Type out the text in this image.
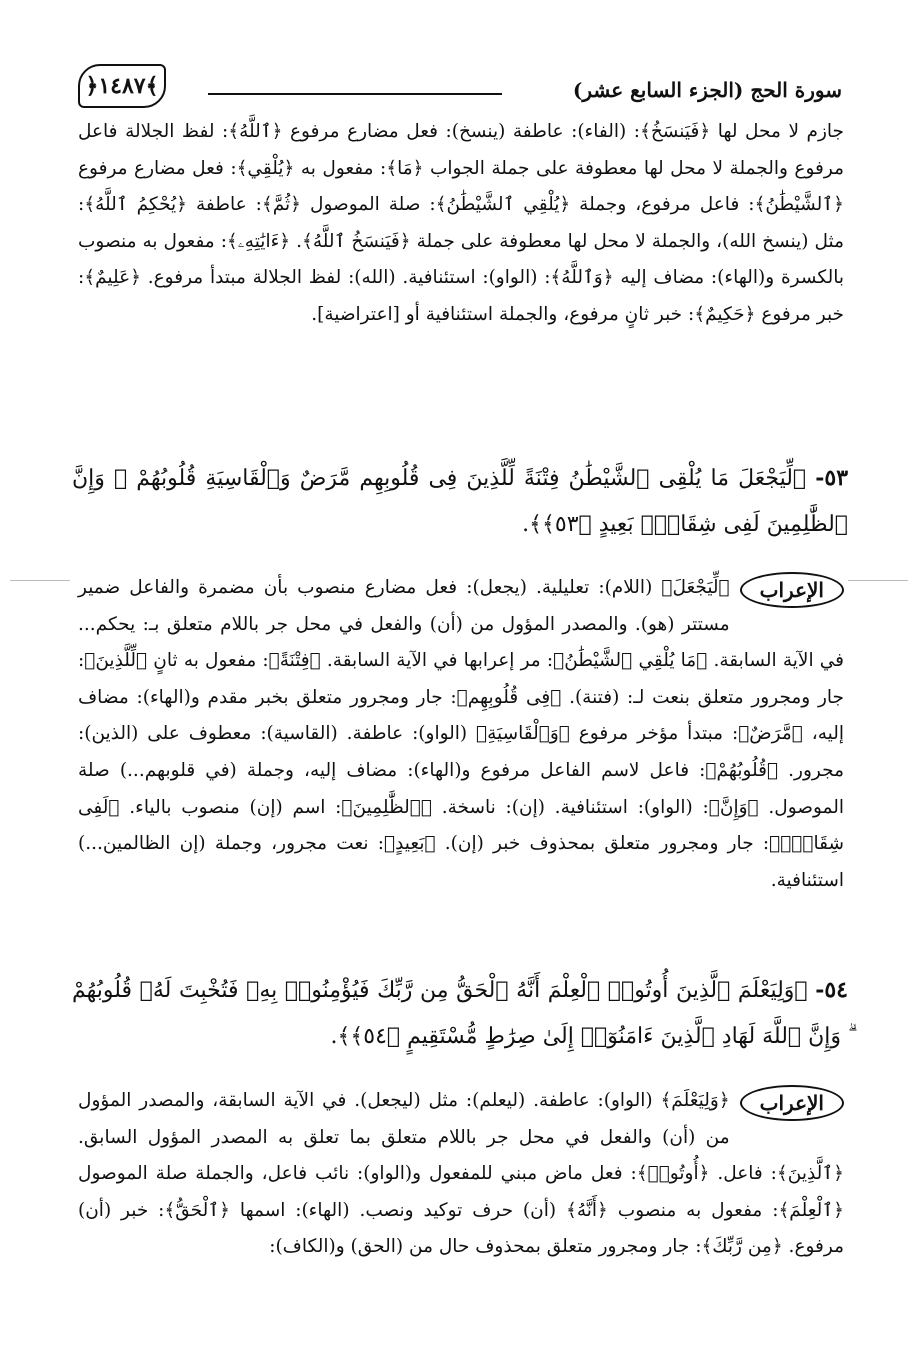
سورة الحج (الجزء السابع عشر)
﴿١٤٨٧﴾
جازم لا محل لها ﴿فَيَنسَخُ﴾: (الفاء): عاطفة (ينسخ): فعل مضارع مرفوع ﴿ٱللَّهُ﴾: لفظ الجلالة فاعل مرفوع والجملة لا محل لها معطوفة على جملة الجواب ﴿مَا﴾: مفعول به ﴿يُلْقِي﴾: فعل مضارع مرفوع ﴿ٱلشَّيْطَٰنُ﴾: فاعل مرفوع، وجملة ﴿يُلْقِي ٱلشَّيْطَٰنُ﴾: صلة الموصول ﴿ثُمَّ﴾: عاطفة ﴿يُحْكِمُ ٱللَّهُ﴾: مثل (ينسخ الله)، والجملة لا محل لها معطوفة على جملة ﴿فَيَنسَخُ ٱللَّهُ﴾. ﴿ءَايَٰتِهِۦ﴾: مفعول به منصوب بالكسرة و(الهاء): مضاف إليه ﴿وَٱللَّهُ﴾: (الواو): استئنافية. (الله): لفظ الجلالة مبتدأ مرفوع. ﴿عَلِيمٌ﴾: خبر مرفوع ﴿حَكِيمٌ﴾: خبر ثانٍ مرفوع، والجملة استئنافية أو [اعتراضية].
٥٣- ﴿لِّيَجْعَلَ مَا يُلْقِى ٱلشَّيْطَٰنُ فِتْنَةً لِّلَّذِينَ فِى قُلُوبِهِم مَّرَضٌ وَٱلْقَاسِيَةِ قُلُوبُهُمْ ۗ وَإِنَّ ٱلظَّٰلِمِينَ لَفِى شِقَاقٍۭ بَعِيدٍ ﴿٥٣﴾﴾.
الإعراب
﴿لِّيَجْعَلَ﴾ (اللام): تعليلية. (يجعل): فعل مضارع منصوب بأن مضمرة والفاعل ضمير مستتر (هو). والمصدر المؤول من (أن) والفعل في محل جر باللام متعلق بـ: يحكم... في الآية السابقة. ﴿مَا يُلْقِي ٱلشَّيْطَٰنُ﴾: مر إعرابها في الآية السابقة. ﴿فِتْنَةً﴾: مفعول به ثانٍ ﴿لِّلَّذِينَ﴾: جار ومجرور متعلق بنعت لـ: (فتنة). ﴿فِى قُلُوبِهِم﴾: جار ومجرور متعلق بخبر مقدم و(الهاء): مضاف إليه، ﴿مَّرَضٌ﴾: مبتدأ مؤخر مرفوع ﴿وَٱلْقَاسِيَةِ﴾ (الواو): عاطفة. (القاسية): معطوف على (الذين): مجرور. ﴿قُلُوبُهُمْ﴾: فاعل لاسم الفاعل مرفوع و(الهاء): مضاف إليه، وجملة (في قلوبهم...) صلة الموصول. ﴿وَإِنَّ﴾: (الواو): استئنافية. (إن): ناسخة. ﴿ٱلظَّٰلِمِينَ﴾: اسم (إن) منصوب بالياء. ﴿لَفِى شِقَاقٍۭ﴾: جار ومجرور متعلق بمحذوف خبر (إن). ﴿بَعِيدٍ﴾: نعت مجرور، وجملة (إن الظالمين...) استئنافية.
٥٤- ﴿وَلِيَعْلَمَ ٱلَّذِينَ أُوتُوا۟ ٱلْعِلْمَ أَنَّهُ ٱلْحَقُّ مِن رَّبِّكَ فَيُؤْمِنُوا۟ بِهِۦ فَتُخْبِتَ لَهُۥ قُلُوبُهُمْ ۗ وَإِنَّ ٱللَّهَ لَهَادِ ٱلَّذِينَ ءَامَنُوٓا۟ إِلَىٰ صِرَٰطٍ مُّسْتَقِيمٍ ﴿٥٤﴾﴾.
الإعراب
﴿وَلِيَعْلَمَ﴾ (الواو): عاطفة. (ليعلم): مثل (ليجعل). في الآية السابقة، والمصدر المؤول من (أن) والفعل في محل جر باللام متعلق بما تعلق به المصدر المؤول السابق. ﴿ٱلَّذِينَ﴾: فاعل. ﴿أُوتُوا۟﴾: فعل ماض مبني للمفعول و(الواو): نائب فاعل، والجملة صلة الموصول ﴿ٱلْعِلْمَ﴾: مفعول به منصوب ﴿أَنَّهُ﴾ (أن) حرف توكيد ونصب. (الهاء): اسمها ﴿ٱلْحَقُّ﴾: خبر (أن) مرفوع. ﴿مِن رَّبِّكَ﴾: جار ومجرور متعلق بمحذوف حال من (الحق) و(الكاف):
